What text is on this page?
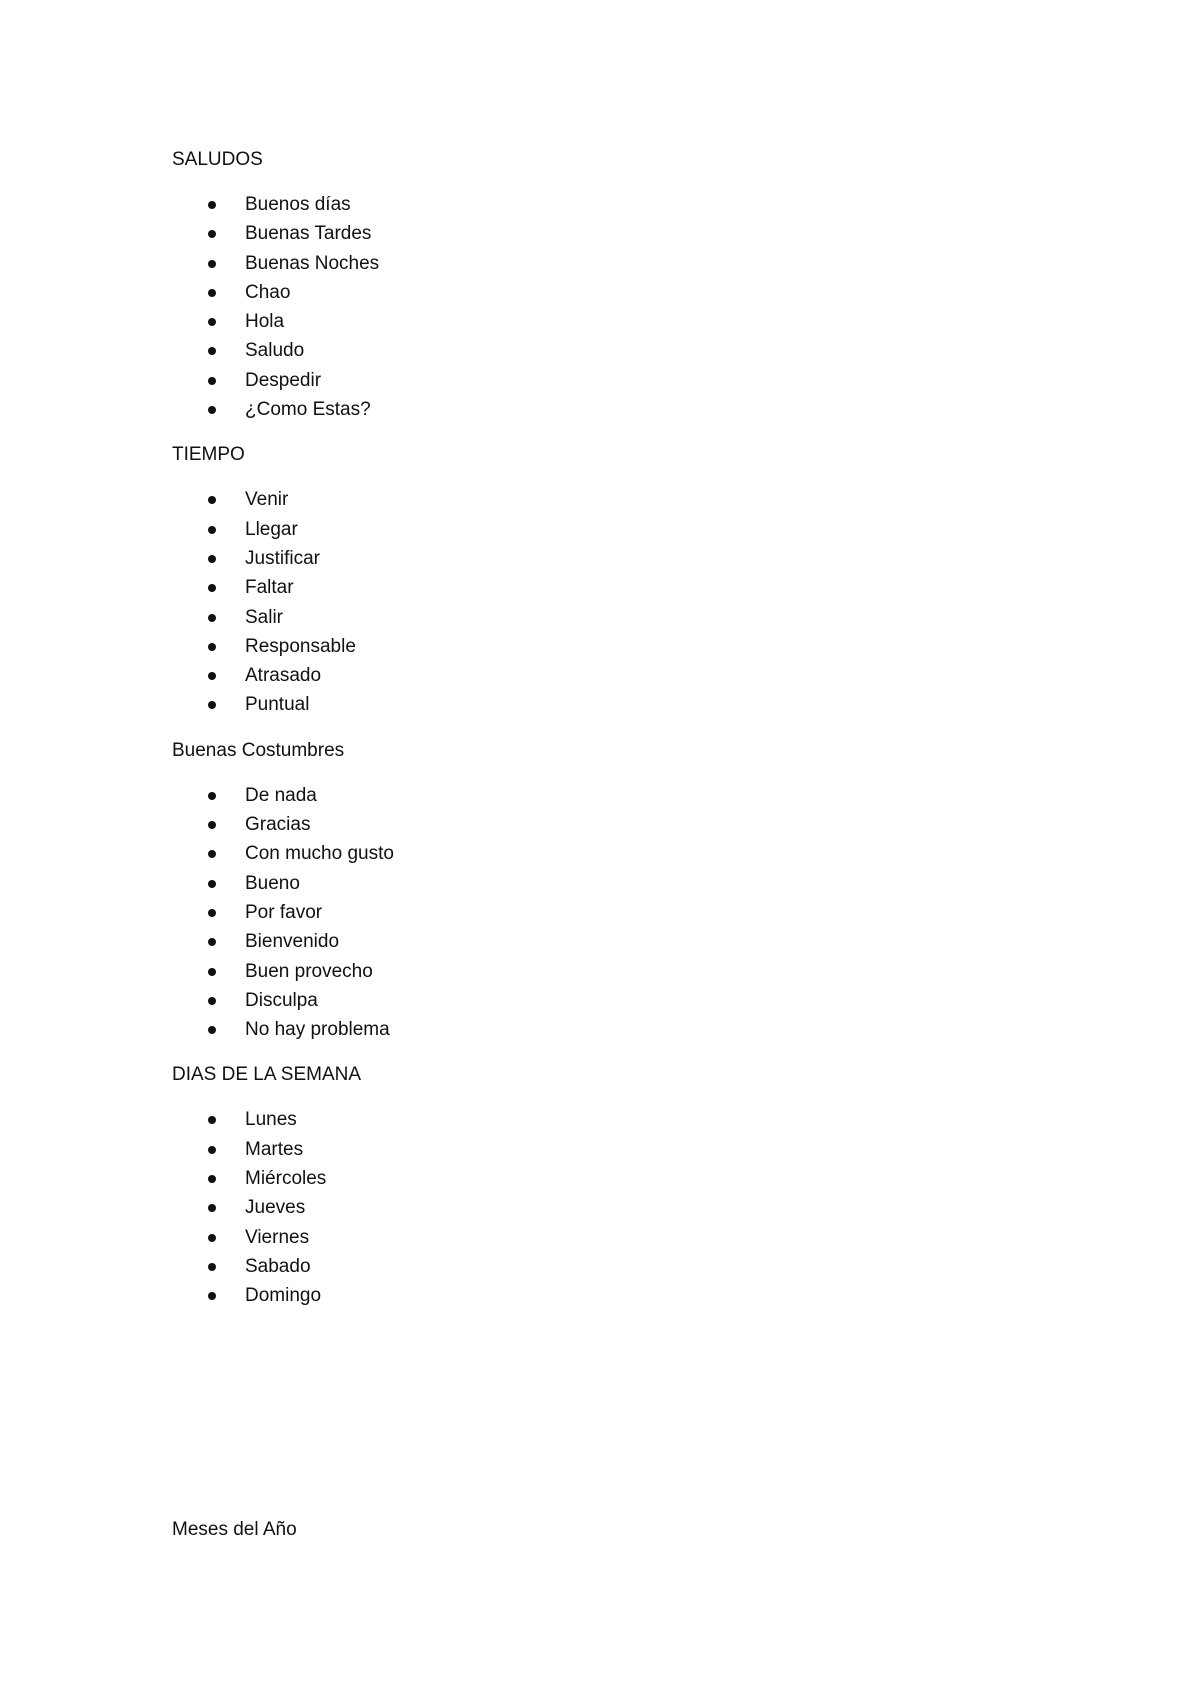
SALUDOS

Buenos días
Buenas Tardes
Buenas Noches
Chao
Hola
Saludo
Despedir
¿Como Estas?

TIEMPO

Venir
Llegar
Justificar
Faltar
Salir
Responsable
Atrasado
Puntual

Buenas Costumbres

De nada
Gracias
Con mucho gusto
Bueno
Por favor
Bienvenido
Buen provecho
Disculpa
No hay problema

DIAS DE LA SEMANA

Lunes
Martes
Miércoles
Jueves
Viernes
Sabado
Domingo

Meses del Año
